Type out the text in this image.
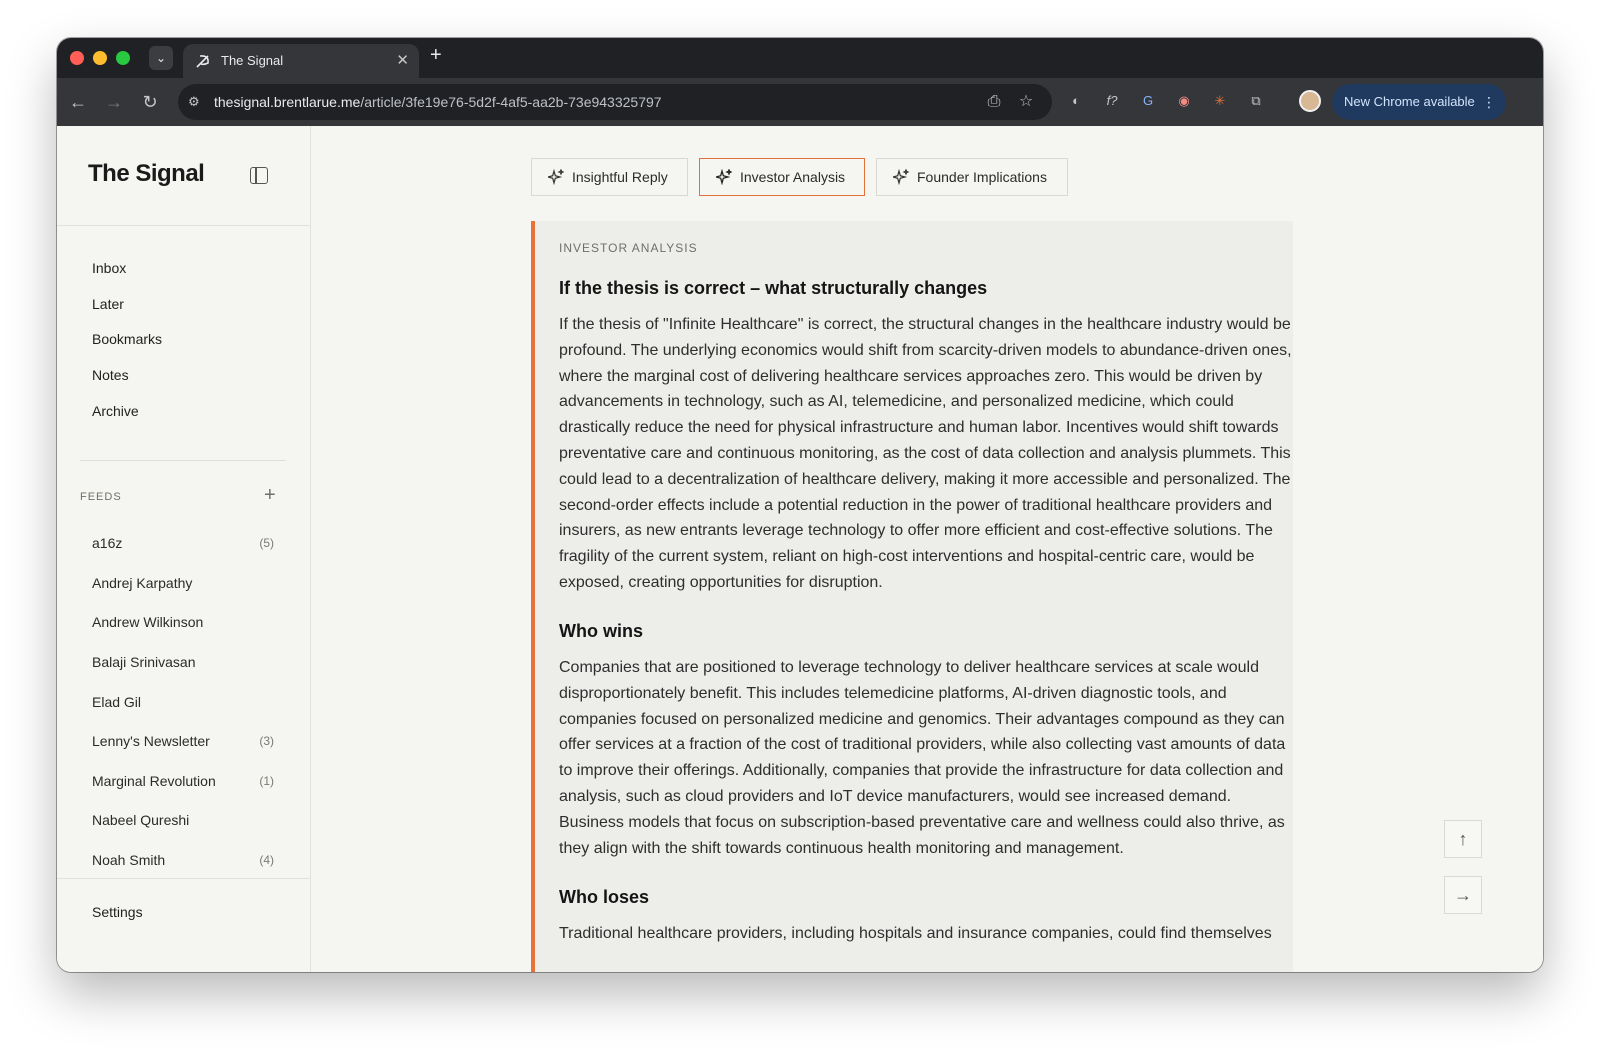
⌄	The Signal	✕ +
← → ↻	⚙	thesignal.brentlarue.me/article/3fe19e76-5d2f-4af5-aa2b-73e943325797	⎙ ☆	◐	f?	G	◉	✳	⧉	New Chrome available ⋮
The Signal
Inbox
Later
Bookmarks
Notes
Archive
FEEDS	+
a16z	(5)
Andrej Karpathy
Andrew Wilkinson
Balaji Srinivasan
Elad Gil
Lenny's Newsletter	(3)
Marginal Revolution	(1)
Nabeel Qureshi
Noah Smith	(4)
Settings
Insightful Reply	Investor Analysis	Founder Implications
INVESTOR ANALYSIS
If the thesis is correct – what structurally changes
If the thesis of "Infinite Healthcare" is correct, the structural changes in the healthcare industry would be profound. The underlying economics would shift from scarcity-driven models to abundance-driven ones, where the marginal cost of delivering healthcare services approaches zero. This would be driven by advancements in technology, such as AI, telemedicine, and personalized medicine, which could drastically reduce the need for physical infrastructure and human labor. Incentives would shift towards preventative care and continuous monitoring, as the cost of data collection and analysis plummets. This could lead to a decentralization of healthcare delivery, making it more accessible and personalized. The second-order effects include a potential reduction in the power of traditional healthcare providers and insurers, as new entrants leverage technology to offer more efficient and cost-effective solutions. The fragility of the current system, reliant on high-cost interventions and hospital-centric care, would be exposed, creating opportunities for disruption.
Who wins
Companies that are positioned to leverage technology to deliver healthcare services at scale would disproportionately benefit. This includes telemedicine platforms, AI-driven diagnostic tools, and companies focused on personalized medicine and genomics. Their advantages compound as they can offer services at a fraction of the cost of traditional providers, while also collecting vast amounts of data to improve their offerings. Additionally, companies that provide the infrastructure for data collection and analysis, such as cloud providers and IoT device manufacturers, would see increased demand. Business models that focus on subscription-based preventative care and wellness could also thrive, as they align with the shift towards continuous health monitoring and management.
Who loses
Traditional healthcare providers, including hospitals and insurance companies, could find themselves
↑
→
